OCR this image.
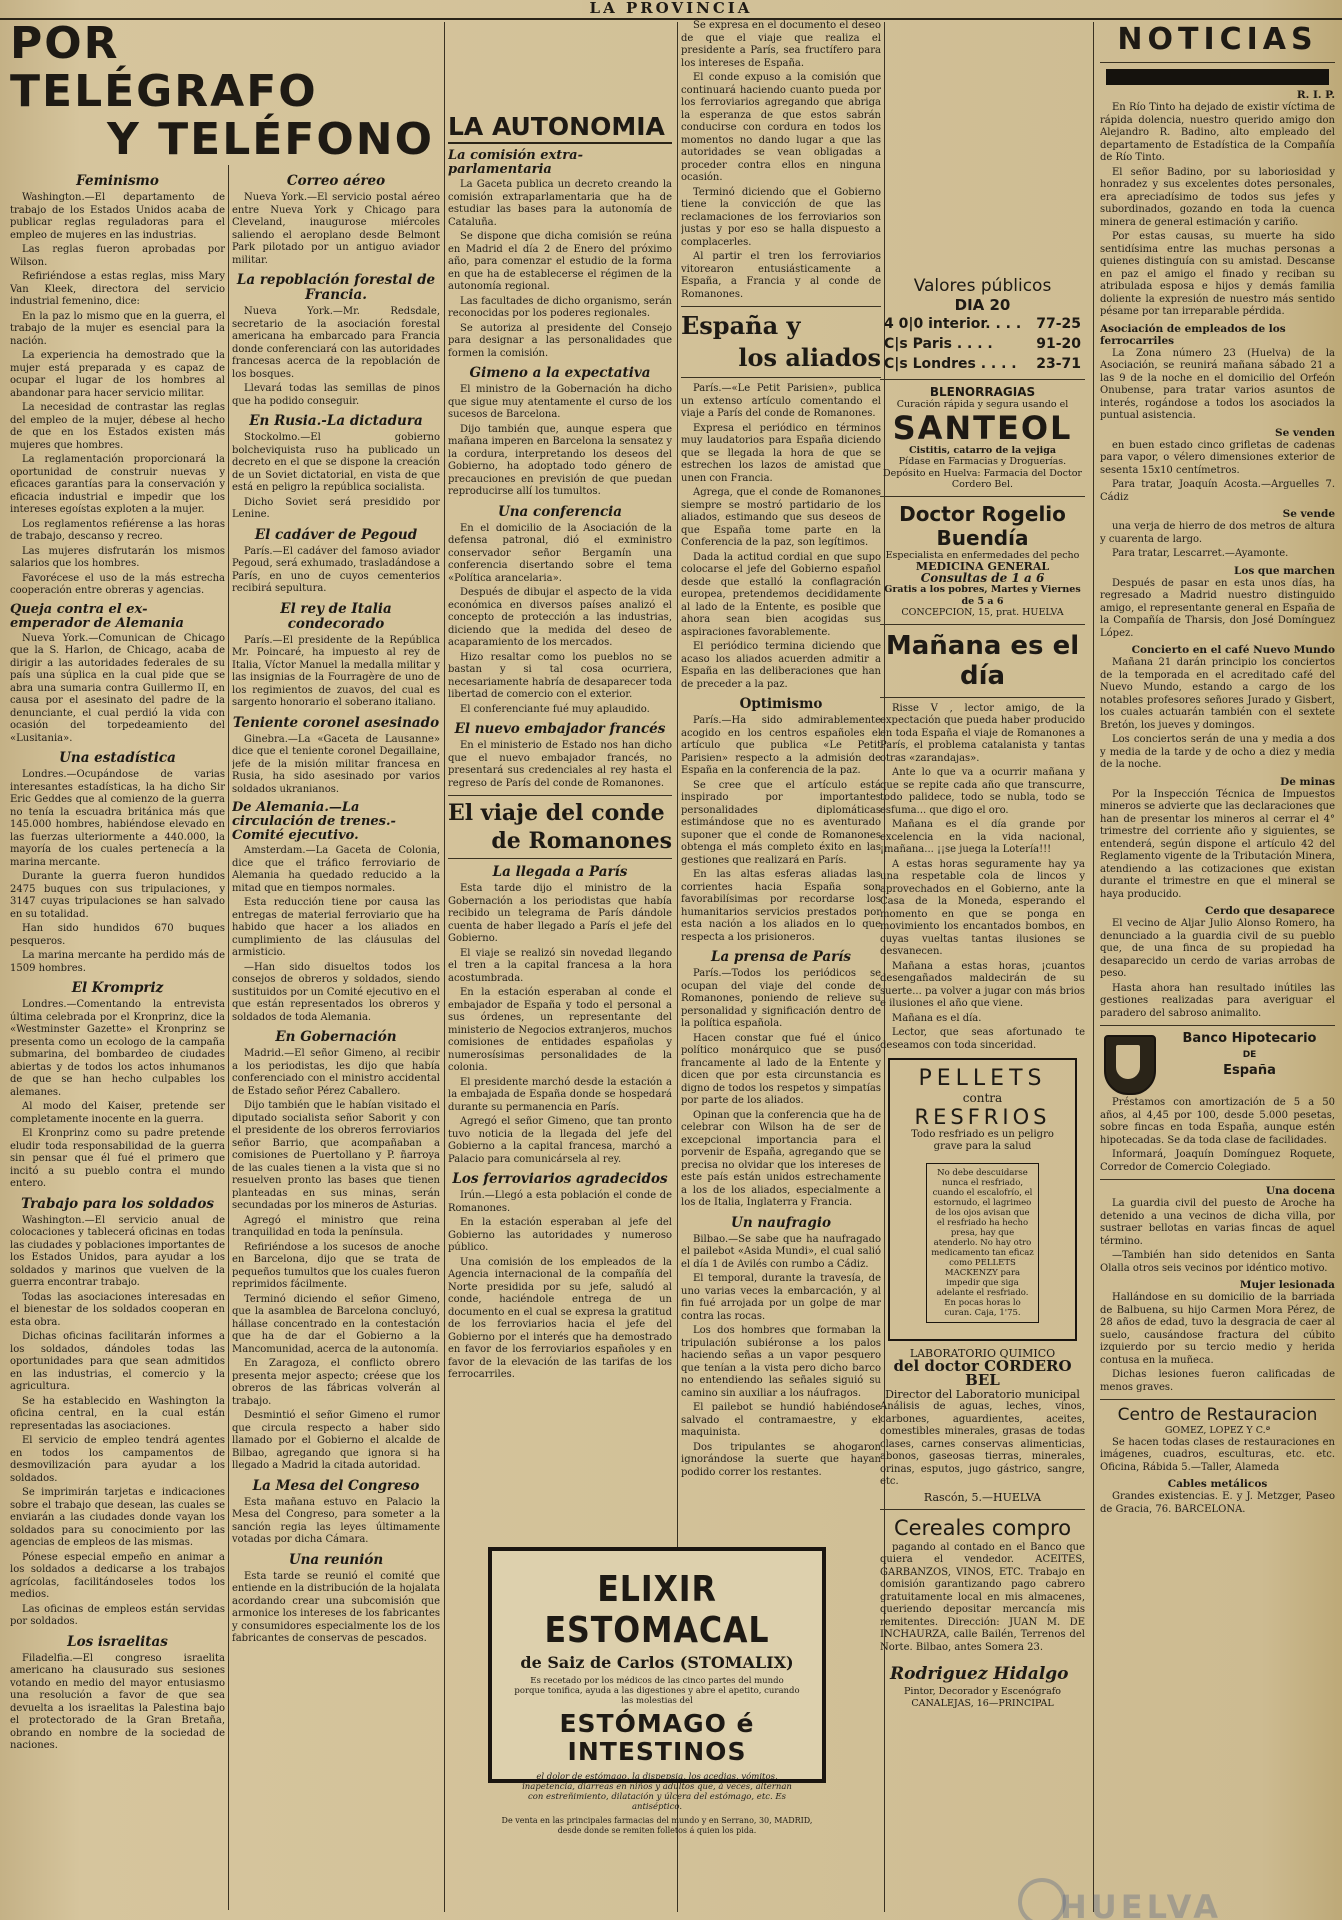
LA PROVINCIA
POR TELÉGRAFO
Y TELÉFONO
Feminismo

Washington.—El departamento de trabajo de los Estados Unidos acaba de publicar reglas reguladoras para el empleo de mujeres en las industrias.

Las reglas fueron aprobadas por Wilson.

Refiriéndose a estas reglas, miss Mary Van Kleek, directora del servicio industrial femenino, dice:

En la paz lo mismo que en la guerra, el trabajo de la mujer es esencial para la nación.

La experiencia ha demostrado que la mujer está preparada y es capaz de ocupar el lugar de los hombres al abandonar para hacer servicio militar.

La necesidad de contrastar las reglas del empleo de la mujer, débese al hecho de que en los Estados existen más mujeres que hombres.

La reglamentación proporcionará la oportunidad de construir nuevas y eficaces garantías para la conservación y eficacia industrial e impedir que los intereses egoístas exploten a la mujer.

Los reglamentos refiérense a las horas de trabajo, descanso y recreo.

Las mujeres disfrutarán los mismos salarios que los hombres.

Favorécese el uso de la más estrecha cooperación entre obreras y agencias.

Queja contra el ex-emperador de Alemania

Nueva York.—Comunican de Chicago que la S. Harlon, de Chicago, acaba de dirigir a las autoridades federales de su país una súplica en la cual pide que se abra una sumaria contra Guillermo II, en causa por el asesinato del padre de la denunciante, el cual perdió la vida con ocasión del torpedeamiento del «Lusitania».

Una estadística

Londres.—Ocupándose de varias interesantes estadísticas, la ha dicho Sir Eric Geddes que al comienzo de la guerra no tenía la escuadra británica más que 145.000 hombres, habiéndose elevado en las fuerzas ulteriormente a 440.000, la mayoría de los cuales pertenecía a la marina mercante.

Durante la guerra fueron hundidos 2475 buques con sus tripulaciones, y 3147 cuyas tripulaciones se han salvado en su totalidad.

Han sido hundidos 670 buques pesqueros.

La marina mercante ha perdido más de 1509 hombres.

El Krompriz

Londres.—Comentando la entrevista última celebrada por el Kronprinz, dice la «Westminster Gazette» el Kronprinz se presenta como un ecologo de la campaña submarina, del bombardeo de ciudades abiertas y de todos los actos inhumanos de que se han hecho culpables los alemanes.

Al modo del Kaiser, pretende ser completamente inocente en la guerra.

El Kronprinz como su padre pretende eludir toda responsabilidad de la guerra sin pensar que él fué el primero que incitó a su pueblo contra el mundo entero.

Trabajo para los soldados

Washington.—El servicio anual de colocaciones y tablecerá oficinas en todas las ciudades y poblaciones importantes de los Estados Unidos, para ayudar a los soldados y marinos que vuelven de la guerra encontrar trabajo.

Todas las asociaciones interesadas en el bienestar de los soldados cooperan en esta obra.

Dichas oficinas facilitarán informes a los soldados, dándoles todas las oportunidades para que sean admitidos en las industrias, el comercio y la agricultura.

Se ha establecido en Washington la oficina central, en la cual están representadas las asociaciones.

El servicio de empleo tendrá agentes en todos los campamentos de desmovilización para ayudar a los soldados.

Se imprimirán tarjetas e indicaciones sobre el trabajo que desean, las cuales se enviarán a las ciudades donde vayan los soldados para su conocimiento por las agencias de empleos de las mismas.

Pónese especial empeño en animar a los soldados a dedicarse a los trabajos agrícolas, facilitándoseles todos los medios.

Las oficinas de empleos están servidas por soldados.

Los israelitas

Filadelfia.—El congreso israelita americano ha clausurado sus sesiones votando en medio del mayor entusiasmo una resolución a favor de que sea devuelta a los israelitas la Palestina bajo el protectorado de la Gran Bretaña, obrando en nombre de la sociedad de naciones.

Correo aéreo

Nueva York.—El servicio postal aéreo entre Nueva York y Chicago para Cleveland, inaugurose miércoles saliendo el aeroplano desde Belmont Park pilotado por un antiguo aviador militar.

La repoblación forestal de Francia.

Nueva York.—Mr. Redsdale, secretario de la asociación forestal americana ha embarcado para Francia donde conferenciará con las autoridades francesas acerca de la repoblación de los bosques.

Llevará todas las semillas de pinos que ha podido conseguir.

En Rusia.-La dictadura

Stockolmo.—El gobierno bolcheviquista ruso ha publicado un decreto en el que se dispone la creación de un Soviet dictatorial, en vista de que está en peligro la república socialista.

Dicho Soviet será presidido por Lenine.

El cadáver de Pegoud

París.—El cadáver del famoso aviador Pegoud, será exhumado, trasladándose a París, en uno de cuyos cementerios recibirá sepultura.

El rey de Italia condecorado

París.—El presidente de la República Mr. Poincaré, ha impuesto al rey de Italia, Víctor Manuel la medalla militar y las insignias de la Fourragère de uno de los regimientos de zuavos, del cual es sargento honorario el soberano italiano.

Teniente coronel asesinado

Ginebra.—La «Gaceta de Lausanne» dice que el teniente coronel Degaillaine, jefe de la misión militar francesa en Rusia, ha sido asesinado por varios soldados ukranianos.

De Alemania.—La circulación de trenes.- Comité ejecutivo.

Amsterdam.—La Gaceta de Colonia, dice que el tráfico ferroviario de Alemania ha quedado reducido a la mitad que en tiempos normales.

Esta reducción tiene por causa las entregas de material ferroviario que ha habido que hacer a los aliados en cumplimiento de las cláusulas del armisticio.

—Han sido disueltos todos los consejos de obreros y soldados, siendo sustituidos por un Comité ejecutivo en el que están representados los obreros y soldados de toda Alemania.

En Gobernación

Madrid.—El señor Gimeno, al recibir a los periodistas, les dijo que había conferenciado con el ministro accidental de Estado señor Pérez Caballero.

Dijo también que le habían visitado el diputado socialista señor Saborit y con el presidente de los obreros ferroviarios señor Barrio, que acompañaban a comisiones de Puertollano y P. ñarroya de las cuales tienen a la vista que si no resuelven pronto las bases que tienen planteadas en sus minas, serán secundadas por los mineros de Asturias.

Agregó el ministro que reina tranquilidad en toda la península.

Refiriéndose a los sucesos de anoche en Barcelona, dijo que se trata de pequeños tumultos que los cuales fueron reprimidos fácilmente.

Terminó diciendo el señor Gimeno, que la asamblea de Barcelona concluyó, hállase concentrado en la contestación que ha de dar el Gobierno a la Mancomunidad, acerca de la autonomía.

En Zaragoza, el conflicto obrero presenta mejor aspecto; créese que los obreros de las fábricas volverán al trabajo.

Desmintió el señor Gimeno el rumor que circula respecto a haber sido llamado por el Gobierno el alcalde de Bilbao, agregando que ignora si ha llegado a Madrid la citada autoridad.

La Mesa del Congreso

Esta mañana estuvo en Palacio la Mesa del Congreso, para someter a la sanción regia las leyes últimamente votadas por dicha Cámara.

Una reunión

Esta tarde se reunió el comité que entiende en la distribución de la hojalata acordando crear una subcomisión que armonice los intereses de los fabricantes y consumidores especialmente los de los fabricantes de conservas de pescados.

LA AUTONOMIA
La comisión extra-parlamentaria

La Gaceta publica un decreto creando la comisión extraparlamentaria que ha de estudiar las bases para la autonomía de Cataluña.

Se dispone que dicha comisión se reúna en Madrid el día 2 de Enero del próximo año, para comenzar el estudio de la forma en que ha de establecerse el régimen de la autonomía regional.

Las facultades de dicho organismo, serán reconocidas por los poderes regionales.

Se autoriza al presidente del Consejo para designar a las personalidades que formen la comisión.

Gimeno a la expectativa

El ministro de la Gobernación ha dicho que sigue muy atentamente el curso de los sucesos de Barcelona.

Dijo también que, aunque espera que mañana imperen en Barcelona la sensatez y la cordura, interpretando los deseos del Gobierno, ha adoptado todo género de precauciones en previsión de que puedan reproducirse allí los tumultos.

Una conferencia

En el domicilio de la Asociación de la defensa patronal, dió el exministro conservador señor Bergamín una conferencia disertando sobre el tema «Política arancelaria».

Después de dibujar el aspecto de la vida económica en diversos países analizó el concepto de protección a las industrias, diciendo que la medida del deseo de acaparamiento de los mercados.

Hizo resaltar como los pueblos no se bastan y si tal cosa ocurriera, necesariamente habría de desaparecer toda libertad de comercio con el exterior.

El conferenciante fué muy aplaudido.

El nuevo embajador francés

En el ministerio de Estado nos han dicho que el nuevo embajador francés, no presentará sus credenciales al rey hasta el regreso de París del conde de Romanones.

El viaje del conde
de Romanones
La llegada a París

Esta tarde dijo el ministro de la Gobernación a los periodistas que había recibido un telegrama de París dándole cuenta de haber llegado a París el jefe del Gobierno.

El viaje se realizó sin novedad llegando el tren a la capital francesa a la hora acostumbrada.

En la estación esperaban al conde el embajador de España y todo el personal a sus órdenes, un representante del ministerio de Negocios extranjeros, muchos comisiones de entidades españolas y numerosísimas personalidades de la colonia.

El presidente marchó desde la estación a la embajada de España donde se hospedará durante su permanencia en París.

Agregó el señor Gimeno, que tan pronto tuvo noticia de la llegada del jefe del Gobierno a la capital francesa, marchó a Palacio para comunicársela al rey.

Los ferroviarios agradecidos

Irún.—Llegó a esta población el conde de Romanones.

En la estación esperaban al jefe del Gobierno las autoridades y numeroso público.

Una comisión de los empleados de la Agencia internacional de la compañía del Norte presidida por su jefe, saludó al conde, haciéndole entrega de un documento en el cual se expresa la gratitud de los ferroviarios hacia el jefe del Gobierno por el interés que ha demostrado en favor de los ferroviarios españoles y en favor de la elevación de las tarifas de los ferrocarriles.

Se expresa en el documento el deseo de que el viaje que realiza el presidente a París, sea fructífero para los intereses de España.

El conde expuso a la comisión que continuará haciendo cuanto pueda por los ferroviarios agregando que abriga la esperanza de que estos sabrán conducirse con cordura en todos los momentos no dando lugar a que las autoridades se vean obligadas a proceder contra ellos en ninguna ocasión.

Terminó diciendo que el Gobierno tiene la convicción de que las reclamaciones de los ferroviarios son justas y por eso se halla dispuesto a complacerles.

Al partir el tren los ferroviarios vitorearon entusiásticamente a España, a Francia y al conde de Romanones.

España y
los aliados

París.—«Le Petit Parisien», publica un extenso artículo comentando el viaje a París del conde de Romanones.

Expresa el periódico en términos muy laudatorios para España diciendo que se llegada la hora de que se estrechen los lazos de amistad que unen con Francia.

Agrega, que el conde de Romanones siempre se mostró partidario de los aliados, estimando que sus deseos de que España tome parte en la Conferencia de la paz, son legítimos.

Dada la actitud cordial en que supo colocarse el jefe del Gobierno español desde que estalló la conflagración europea, pretendemos decididamente al lado de la Entente, es posible que ahora sean bien acogidas sus aspiraciones favorablemente.

El periódico termina diciendo que acaso los aliados acuerden admitir a España en las deliberaciones que han de preceder a la paz.

Optimismo

París.—Ha sido admirablemente acogido en los centros españoles el artículo que publica «Le Petit Parisien» respecto a la admisión de España en la conferencia de la paz.

Se cree que el artículo está inspirado por importantes personalidades diplomáticas estimándose que no es aventurado suponer que el conde de Romanones obtenga el más completo éxito en las gestiones que realizará en París.

En las altas esferas aliadas las corrientes hacia España son favorabilísimas por recordarse los humanitarios servicios prestados por esta nación a los aliados en lo que respecta a los prisioneros.

La prensa de París

París.—Todos los periódicos se ocupan del viaje del conde de Romanones, poniendo de relieve su personalidad y significación dentro de la política española.

Hacen constar que fué el único político monárquico que se pusó francamente al lado de la Entente y dicen que por esta circunstancia es digno de todos los respetos y simpatías por parte de los aliados.

Opinan que la conferencia que ha de celebrar con Wilson ha de ser de excepcional importancia para el porvenir de España, agregando que se precisa no olvidar que los intereses de este país están unidos estrechamente a los de los aliados, especialmente a los de Italia, Inglaterra y Francia.

Un naufragio

Bilbao.—Se sabe que ha naufragado el pailebot «Asida Mundi», el cual salió el día 1 de Avilés con rumbo a Cádiz.

El temporal, durante la travesía, de uno varias veces la embarcación, y al fin fué arrojada por un golpe de mar contra las rocas.

Los dos hombres que formaban la tripulación subiéronse a los palos haciendo señas a un vapor pesquero que tenían a la vista pero dicho barco no entendiendo las señales siguió su camino sin auxiliar a los náufragos.

El pailebot se hundió habiéndose salvado el contramaestre, y el maquinista.

Dos tripulantes se ahogaron ignorándose la suerte que hayan podido correr los restantes.

ELIXIR ESTOMACAL
de Saiz de Carlos (STOMALIX)
Es recetado por los médicos de las cinco partes del mundo porque tonifica, ayuda a las digestiones y abre el apetito, curando las molestias del
ESTÓMAGO é
INTESTINOS
el dolor de estómago, la dispepsia, los acedias, vómitos, inapetencia, diarreas en niños y adultos que, á veces, alternan con estreñimiento, dilatación y úlcera del estómago, etc. Es antiséptico.
De venta en las principales farmacias del mundo y en Serrano, 30, MADRID, desde donde se remiten folletos á quien los pida.
Valores públicos
DIA 20
4 0|0 interior. . . . 77-25
C|s Paris . . . .	91-20
C|s Londres . . . . 23-71
BLENORRAGIAS
Curación rápida y segura usando el
SANTEOL
Cistitis, catarro de la vejiga
Pídase en Farmacias y Droguerías.
Depósito en Huelva: Farmacia del Doctor Cordero Bel.
Doctor Rogelio Buendía
Especialista en enfermedades del pecho
MEDICINA GENERAL
Consultas de 1 a 6
Gratis a los pobres, Martes y Viernes de 5 a 6
CONCEPCION, 15, prat. HUELVA
Mañana es el día

Risse V , lector amigo, de la expectación que pueda haber producido en toda España el viaje de Romanones a París, el problema catalanista y tantas otras «zarandajas».

Ante lo que va a ocurrir mañana y que se repite cada año que transcurre, todo palidece, todo se nubla, todo se esfuma... que digo el oro.

Mañana es el día grande por excelencia en la vida nacional,¡mañana... ¡¡se juega la Lotería!!!

A estas horas seguramente hay ya una respetable cola de lincos y aprovechados en el Gobierno, ante la Casa de la Moneda, esperando el momento en que se ponga en movimiento los encantados bombos, en cuyas vueltas tantas ilusiones se desvanecen.

Mañana a estas horas, ¡cuantos desengañados maldecirán de su suerte... pa volver a jugar con más brios e ilusiones el año que viene.

Mañana es el día.

Lector, que seas afortunado te deseamos con toda sinceridad.

PELLETS
contra
RESFRIOS
Todo resfriado es un peligro grave para la salud
No debe descuidarse nunca el resfriado, cuando el escalofrío, el estornudo, el lagrimeo de los ojos avisan que el resfriado ha hecho presa, hay que atenderlo. No hay otro medicamento tan eficaz como PELLETS MACKENZY para impedir que siga adelante el resfriado. En pocas horas lo curan. Caja, 1'75.
LABORATORIO QUIMICO
del doctor CORDERO BEL
Director del Laboratorio municipal

Análisis de aguas, leches, vinos, carbones, aguardientes, aceites, comestibles minerales, grasas de todas clases, carnes conservas alimenticias, abonos, gaseosas tierras, minerales, orinas, esputos, jugo gástrico, sangre, etc.

Rascón, 5.—HUELVA
Cereales compro

pagando al contado en el Banco que quiera el vendedor. ACEITES, GARBANZOS, VINOS, ETC. Trabajo en comisión garantizando pago cabrero gratuitamente local en mis almacenes, queriendo depositar mercancía mis remitentes. Dirección: JUAN M. DE INCHAURZA, calle Bailén, Terrenos del Norte. Bilbao, antes Somera 23.

Rodriguez Hidalgo
Pintor, Decorador y Escenógrafo CANALEJAS, 16—PRINCIPAL
NOTICIAS
R. I. P.

En Río Tinto ha dejado de existir víctima de rápida dolencia, nuestro querido amigo don Alejandro R. Badino, alto empleado del departamento de Estadística de la Compañía de Río Tinto.

El señor Badino, por su laboriosidad y honradez y sus excelentes dotes personales, era apreciadísimo de todos sus jefes y subordinados, gozando en toda la cuenca minera de general estimación y cariño.

Por estas causas, su muerte ha sido sentidísima entre las muchas personas a quienes distinguía con su amistad. Descanse en paz el amigo el finado y reciban su atribulada esposa e hijos y demás familia doliente la expresión de nuestro más sentido pésame por tan irreparable pérdida.

Asociación de empleados de los ferrocarriles

La Zona número 23 (Huelva) de la Asociación, se reunirá mañana sábado 21 a las 9 de la noche en el domicilio del Orfeón Onubense, para tratar varios asuntos de interés, rogándose a todos los asociados la puntual asistencia.

Se venden

en buen estado cinco grifletas de cadenas para vapor, o vélero dimensiones exterior de sesenta 15x10 centímetros.

Para tratar, Joaquín Acosta.—Arguelles 7. Cádiz

Se vende

una verja de hierro de dos metros de altura y cuarenta de largo.

Para tratar, Lescarret.—Ayamonte.

Los que marchen

Después de pasar en esta unos días, ha regresado a Madrid nuestro distinguido amigo, el representante general en España de la Compañía de Tharsis, don José Domínguez López.

Concierto en el café Nuevo Mundo

Mañana 21 darán principio los conciertos de la temporada en el acreditado café del Nuevo Mundo, estando a cargo de los notables profesores señores Jurado y Gisbert, los cuales actuarán también con el sextete Bretón, los jueves y domingos.

Los conciertos serán de una y media a dos y media de la tarde y de ocho a diez y media de la noche.

De minas

Por la Inspección Técnica de Impuestos mineros se advierte que las declaraciones que han de presentar los mineros al cerrar el 4° trimestre del corriente año y siguientes, se entenderá, según dispone el artículo 42 del Reglamento vigente de la Tributación Minera, atendiendo a las cotizaciones que existan durante el trimestre en que el mineral se haya producido.

Cerdo que desaparece

El vecino de Aljar Julio Alonso Romero, ha denunciado a la guardia civil de su pueblo que, de una finca de su propiedad ha desaparecido un cerdo de varias arrobas de peso.

Hasta ahora han resultado inútiles las gestiones realizadas para averiguar el paradero del sabroso animalito.

Banco Hipotecario
DE
España

Préstamos con amortización de 5 a 50 años, al 4,45 por 100, desde 5.000 pesetas, sobre fincas en toda España, aunque estén hipotecadas. Se da toda clase de facilidades.

Informará, Joaquín Domínguez Roquete, Corredor de Comercio Colegiado.

Una docena

La guardia civil del puesto de Aroche ha detenido a una vecinos de dicha villa, por sustraer bellotas en varias fincas de aquel término.

—También han sido detenidos en Santa Olalla otros seis vecinos por idéntico motivo.

Mujer lesionada

Hallándose en su domicilio de la barriada de Balbuena, su hijo Carmen Mora Pérez, de 28 años de edad, tuvo la desgracia de caer al suelo, causándose fractura del cúbito izquierdo por su tercio medio y herida contusa en la muñeca.

Dichas lesiones fueron calificadas de menos graves.

Centro de Restauracion
GOMEZ, LOPEZ Y C.ª

Se hacen todas clases de restauraciones en imágenes, cuadros, esculturas, etc. etc. Oficina, Rábida 5.—Taller, Alameda

Cables metálicos

Grandes existencias. E. y J. Metzger, Paseo de Gracia, 76. BARCELONA.

HUELVA
